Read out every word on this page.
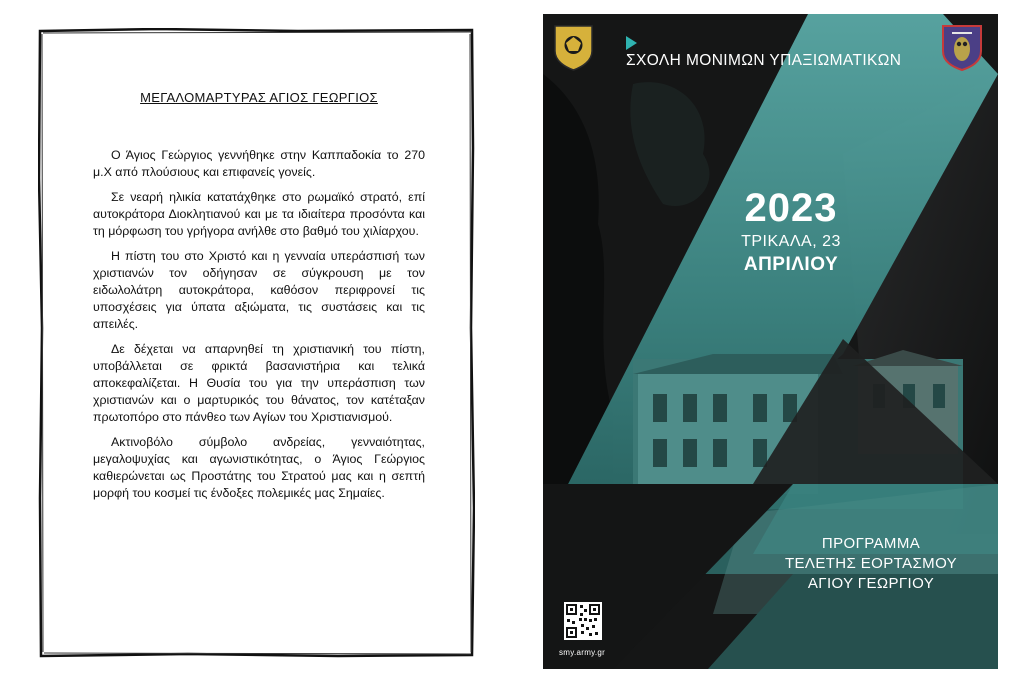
ΜΕΓΑΛΟΜΑΡΤΥΡΑΣ ΑΓΙΟΣ ΓΕΩΡΓΙΟΣ

Ο Άγιος Γεώργιος γεννήθηκε στην Καππαδοκία το 270 μ.Χ από πλούσιους και επιφανείς γονείς.

Σε νεαρή ηλικία κατατάχθηκε στο ρωμαϊκό στρατό, επί αυτοκράτορα Διοκλητιανού και με τα ιδιαίτερα προσόντα και τη μόρφωση του γρήγορα ανήλθε στο βαθμό του χιλίαρχου.

Η πίστη του στο Χριστό και η γενναία υπεράσπισή των χριστιανών τον οδήγησαν σε σύγκρουση με τον ειδωλολάτρη αυτοκράτορα, καθόσον περιφρονεί τις υποσχέσεις για ύπατα αξιώματα, τις συστάσεις και τις απειλές.

Δε δέχεται να απαρνηθεί τη χριστιανική του πίστη, υποβάλλεται σε φρικτά βασανιστήρια και τελικά αποκεφαλίζεται. Η Θυσία του για την υπεράσπιση των χριστιανών και ο μαρτυρικός του θάνατος, τον κατέταξαν πρωτοπόρο στο πάνθεο των Αγίων του Χριστιανισμού.

Ακτινοβόλο σύμβολο ανδρείας, γενναιότητας, μεγαλοψυχίας και αγωνιστικότητας, ο Άγιος Γεώργιος καθιερώνεται ως Προστάτης του Στρατού μας και η σεπτή μορφή του κοσμεί τις ένδοξες πολεμικές μας Σημαίες.

ΣΧΟΛΗ ΜΟΝΙΜΩΝ ΥΠΑΞΙΩΜΑΤΙΚΩΝ
2023
ΤΡΙΚΑΛΑ, 23
ΑΠΡΙΛΙΟΥ
ΠΡΟΓΡΑΜΜΑ
ΤΕΛΕΤΗΣ ΕΟΡΤΑΣΜΟΥ
ΑΓΙΟΥ ΓΕΩΡΓΙΟΥ
smy.army.gr
